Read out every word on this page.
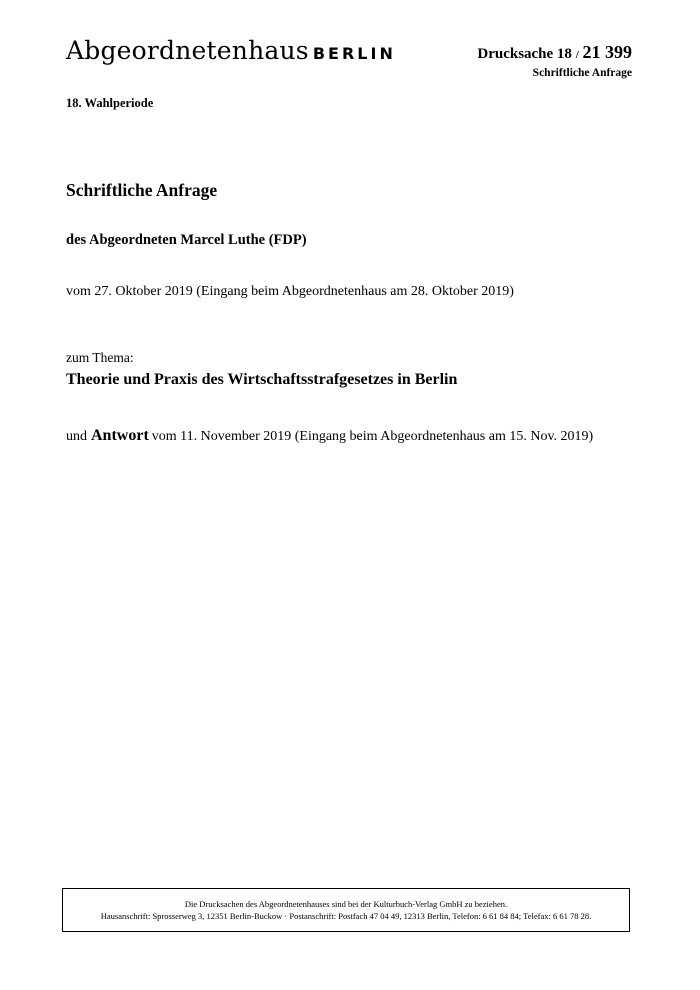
Abgeordnetenhaus BERLIN	Drucksache 18 / 21 399
Schriftliche Anfrage
18. Wahlperiode
Schriftliche Anfrage
des Abgeordneten Marcel Luthe (FDP)
vom 27. Oktober 2019 (Eingang beim Abgeordnetenhaus am 28. Oktober 2019)
zum Thema:
Theorie und Praxis des Wirtschaftsstrafgesetzes in Berlin
und Antwort vom 11. November 2019 (Eingang beim Abgeordnetenhaus am 15. Nov. 2019)
Die Drucksachen des Abgeordnetenhauses sind bei der Kulturbuch-Verlag GmbH zu beziehen.
Hausanschrift: Sprosserweg 3, 12351 Berlin-Buckow · Postanschrift: Postfach 47 04 49, 12313 Berlin, Telefon: 6 61 84 84; Telefax: 6 61 78 28.
